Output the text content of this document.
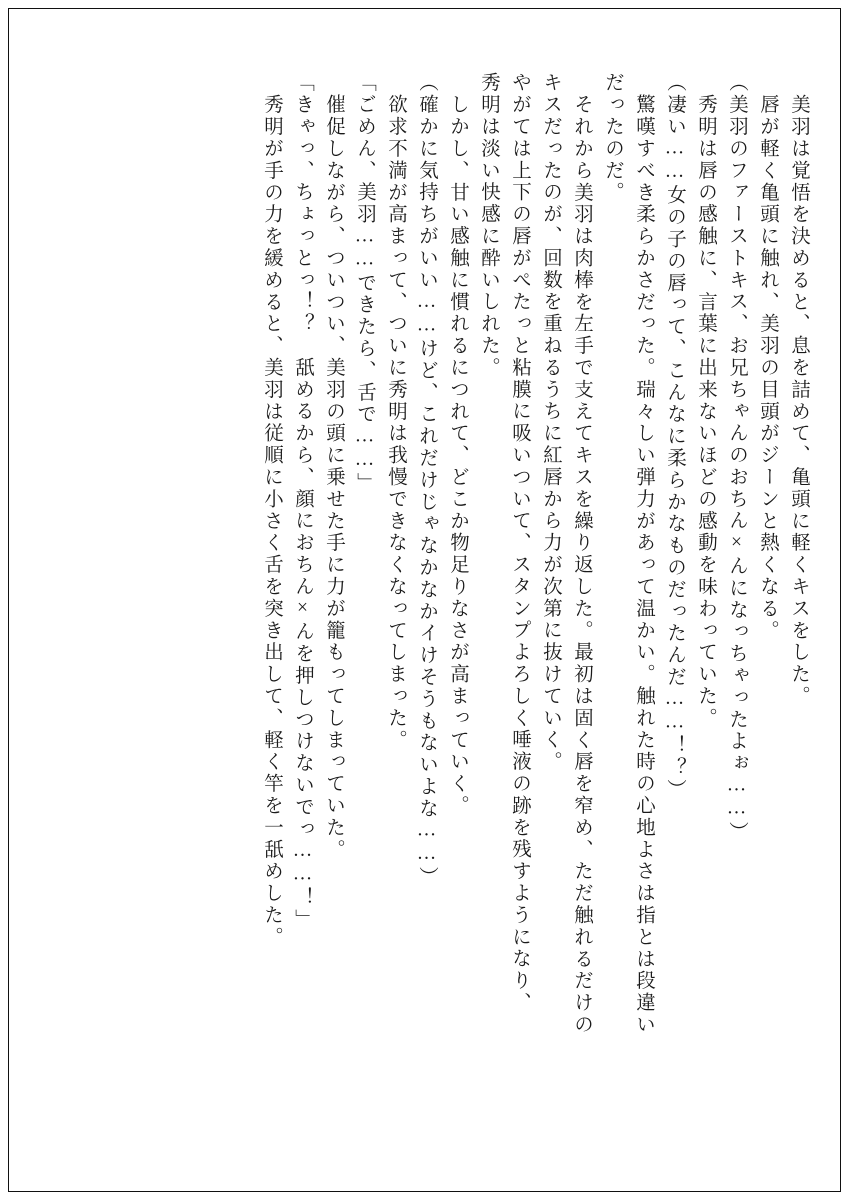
美羽は覚悟を決めると、息を詰めて、亀頭に軽くキスをした。
唇が軽く亀頭に触れ、美羽の目頭がジーンと熱くなる。
（美羽のファーストキス、お兄ちゃんのおちん×んになっちゃったよぉ……）
秀明は唇の感触に、言葉に出来ないほどの感動を味わっていた。
（凄い……女の子の唇って、こんなに柔らかなものだったんだ……！？）
驚嘆すべき柔らかさだった。瑞々しい弾力があって温かい。触れた時の心地よさは指とは段違い
だったのだ。
それから美羽は肉棒を左手で支えてキスを繰り返した。最初は固く唇を窄め、ただ触れるだけの
キスだったのが、回数を重ねるうちに紅唇から力が次第に抜けていく。
やがては上下の唇がぺたっと粘膜に吸いついて、スタンプよろしく唾液の跡を残すようになり、
秀明は淡い快感に酔いしれた。
しかし、甘い感触に慣れるにつれて、どこか物足りなさが高まっていく。
（確かに気持ちがいい……けど、これだけじゃなかなかイけそうもないよな……）
欲求不満が高まって、ついに秀明は我慢できなくなってしまった。
「ごめん、美羽……できたら、舌で……」
催促しながら、ついつい、美羽の頭に乗せた手に力が籠もってしまっていた。
「きゃっ、ちょっとっ！？　舐めるから、顔におちん×んを押しつけないでっ……！」
秀明が手の力を緩めると、美羽は従順に小さく舌を突き出して、軽く竿を一舐めした。
